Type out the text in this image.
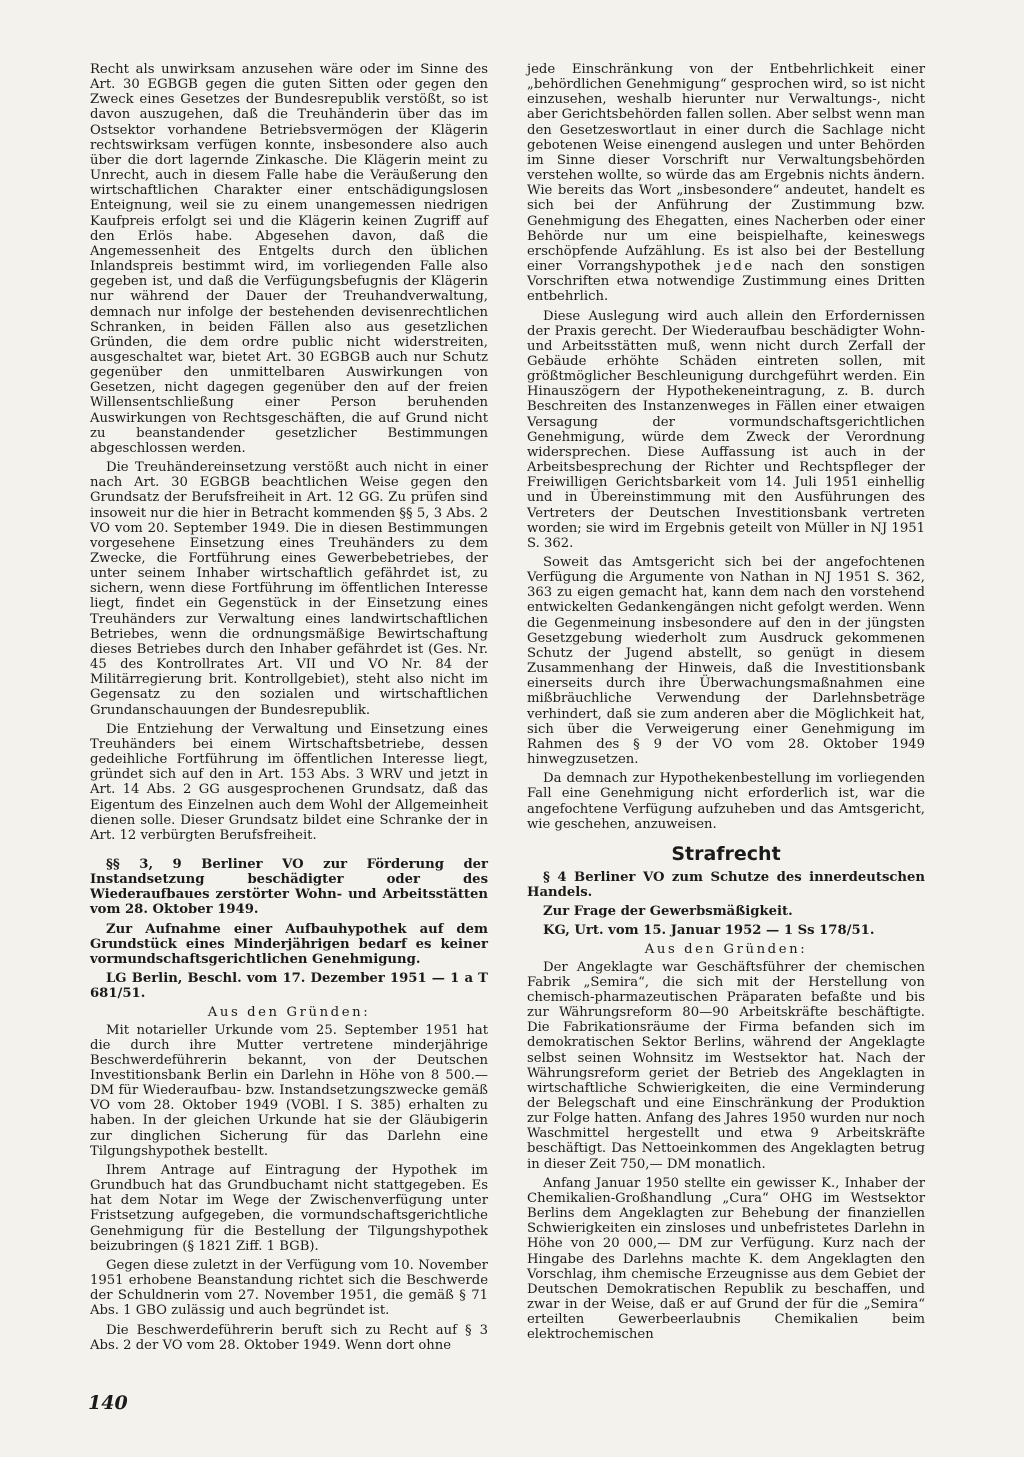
Recht als unwirksam anzusehen wäre oder im Sinne des Art. 30 EGBGB gegen die guten Sitten oder gegen den Zweck eines Gesetzes der Bundesrepublik verstößt, so ist davon auszugehen, daß die Treuhänderin über das im Ostsektor vorhandene Betriebsvermögen der Klägerin rechtswirksam verfügen konnte, insbesondere also auch über die dort lagernde Zinkasche. Die Klägerin meint zu Unrecht, auch in diesem Falle habe die Veräußerung den wirtschaftlichen Charakter einer entschädigungslosen Enteignung, weil sie zu einem unangemessen niedrigen Kaufpreis erfolgt sei und die Klägerin keinen Zugriff auf den Erlös habe. Abgesehen davon, daß die Angemessenheit des Entgelts durch den üblichen Inlandspreis bestimmt wird, im vorliegenden Falle also gegeben ist, und daß die Verfügungsbefugnis der Klägerin nur während der Dauer der Treuhandverwaltung, demnach nur infolge der bestehenden devisenrechtlichen Schranken, in beiden Fällen also aus gesetzlichen Gründen, die dem ordre public nicht widerstreiten, ausgeschaltet war, bietet Art. 30 EGBGB auch nur Schutz gegenüber den unmittelbaren Auswirkungen von Gesetzen, nicht dagegen gegenüber den auf der freien Willensentschließung einer Person beruhenden Auswirkungen von Rechtsgeschäften, die auf Grund nicht zu beanstandender gesetzlicher Bestimmungen abgeschlossen werden.

Die Treuhändereinsetzung verstößt auch nicht in einer nach Art. 30 EGBGB beachtlichen Weise gegen den Grundsatz der Berufsfreiheit in Art. 12 GG. Zu prüfen sind insoweit nur die hier in Betracht kommenden §§ 5, 3 Abs. 2 VO vom 20. September 1949. Die in diesen Bestimmungen vorgesehene Einsetzung eines Treuhänders zu dem Zwecke, die Fortführung eines Gewerbebetriebes, der unter seinem Inhaber wirtschaftlich gefährdet ist, zu sichern, wenn diese Fortführung im öffentlichen Interesse liegt, findet ein Gegenstück in der Einsetzung eines Treuhänders zur Verwaltung eines landwirtschaftlichen Betriebes, wenn die ordnungsmäßige Bewirtschaftung dieses Betriebes durch den Inhaber gefährdet ist (Ges. Nr. 45 des Kontrollrates Art. VII und VO Nr. 84 der Militärregierung brit. Kontrollgebiet), steht also nicht im Gegensatz zu den sozialen und wirtschaftlichen Grundanschauungen der Bundesrepublik.

Die Entziehung der Verwaltung und Einsetzung eines Treuhänders bei einem Wirtschaftsbetriebe, dessen gedeihliche Fortführung im öffentlichen Interesse liegt, gründet sich auf den in Art. 153 Abs. 3 WRV und jetzt in Art. 14 Abs. 2 GG ausgesprochenen Grundsatz, daß das Eigentum des Einzelnen auch dem Wohl der Allgemeinheit dienen solle. Dieser Grundsatz bildet eine Schranke der in Art. 12 verbürgten Berufsfreiheit.

§§ 3, 9 Berliner VO zur Förderung der Instandsetzung beschädigter oder des Wiederaufbaues zerstörter Wohn- und Arbeitsstätten vom 28. Oktober 1949.

Zur Aufnahme einer Aufbauhypothek auf dem Grundstück eines Minderjährigen bedarf es keiner vormundschaftsgerichtlichen Genehmigung.

LG Berlin, Beschl. vom 17. Dezember 1951 — 1 a T 681/51.

Aus den Gründen:

Mit notarieller Urkunde vom 25. September 1951 hat die durch ihre Mutter vertretene minderjährige Beschwerdeführerin bekannt, von der Deutschen Investitionsbank Berlin ein Darlehn in Höhe von 8 500.— DM für Wiederaufbau- bzw. Instandsetzungszwecke gemäß VO vom 28. Oktober 1949 (VOBl. I S. 385) erhalten zu haben. In der gleichen Urkunde hat sie der Gläubigerin zur dinglichen Sicherung für das Darlehn eine Tilgungshypothek bestellt.

Ihrem Antrage auf Eintragung der Hypothek im Grundbuch hat das Grundbuchamt nicht stattgegeben. Es hat dem Notar im Wege der Zwischenverfügung unter Fristsetzung aufgegeben, die vormundschaftsgerichtliche Genehmigung für die Bestellung der Tilgungshypothek beizubringen (§ 1821 Ziff. 1 BGB).

Gegen diese zuletzt in der Verfügung vom 10. November 1951 erhobene Beanstandung richtet sich die Beschwerde der Schuldnerin vom 27. November 1951, die gemäß § 71 Abs. 1 GBO zulässig und auch begründet ist.

Die Beschwerdeführerin beruft sich zu Recht auf § 3 Abs. 2 der VO vom 28. Oktober 1949. Wenn dort ohne

jede Einschränkung von der Entbehrlichkeit einer „behördlichen Genehmigung“ gesprochen wird, so ist nicht einzusehen, weshalb hierunter nur Verwaltungs-, nicht aber Gerichtsbehörden fallen sollen. Aber selbst wenn man den Gesetzeswortlaut in einer durch die Sachlage nicht gebotenen Weise einengend auslegen und unter Behörden im Sinne dieser Vorschrift nur Verwaltungsbehörden verstehen wollte, so würde das am Ergebnis nichts ändern. Wie bereits das Wort „insbesondere“ andeutet, handelt es sich bei der Anführung der Zustimmung bzw. Genehmigung des Ehegatten, eines Nacherben oder einer Behörde nur um eine beispielhafte, keineswegs erschöpfende Aufzählung. Es ist also bei der Bestellung einer Vorrangshypothek jede nach den sonstigen Vorschriften etwa notwendige Zustimmung eines Dritten entbehrlich.

Diese Auslegung wird auch allein den Erfordernissen der Praxis gerecht. Der Wiederaufbau beschädigter Wohn- und Arbeitsstätten muß, wenn nicht durch Zerfall der Gebäude erhöhte Schäden eintreten sollen, mit größtmöglicher Beschleunigung durchgeführt werden. Ein Hinauszögern der Hypothekeneintragung, z. B. durch Beschreiten des Instanzenweges in Fällen einer etwaigen Versagung der vormundschaftsgerichtlichen Genehmigung, würde dem Zweck der Verordnung widersprechen. Diese Auffassung ist auch in der Arbeitsbesprechung der Richter und Rechtspfleger der Freiwilligen Gerichtsbarkeit vom 14. Juli 1951 einhellig und in Übereinstimmung mit den Ausführungen des Vertreters der Deutschen Investitionsbank vertreten worden; sie wird im Ergebnis geteilt von Müller in NJ 1951 S. 362.

Soweit das Amtsgericht sich bei der angefochtenen Verfügung die Argumente von Nathan in NJ 1951 S. 362, 363 zu eigen gemacht hat, kann dem nach den vorstehend entwickelten Gedankengängen nicht gefolgt werden. Wenn die Gegenmeinung insbesondere auf den in der jüngsten Gesetzgebung wiederholt zum Ausdruck gekommenen Schutz der Jugend abstellt, so genügt in diesem Zusammenhang der Hinweis, daß die Investitionsbank einerseits durch ihre Überwachungsmaßnahmen eine mißbräuchliche Verwendung der Darlehnsbeträge verhindert, daß sie zum anderen aber die Möglichkeit hat, sich über die Verweigerung einer Genehmigung im Rahmen des § 9 der VO vom 28. Oktober 1949 hinwegzusetzen.

Da demnach zur Hypothekenbestellung im vorliegenden Fall eine Genehmigung nicht erforderlich ist, war die angefochtene Verfügung aufzuheben und das Amtsgericht, wie geschehen, anzuweisen.

Strafrecht

§ 4 Berliner VO zum Schutze des innerdeutschen Handels.

Zur Frage der Gewerbsmäßigkeit.

KG, Urt. vom 15. Januar 1952 — 1 Ss 178/51.

Aus den Gründen:

Der Angeklagte war Geschäftsführer der chemischen Fabrik „Semira“, die sich mit der Herstellung von chemisch-pharmazeutischen Präparaten befaßte und bis zur Währungsreform 80—90 Arbeitskräfte beschäftigte. Die Fabrikationsräume der Firma befanden sich im demokratischen Sektor Berlins, während der Angeklagte selbst seinen Wohnsitz im Westsektor hat. Nach der Währungsreform geriet der Betrieb des Angeklagten in wirtschaftliche Schwierigkeiten, die eine Verminderung der Belegschaft und eine Einschränkung der Produktion zur Folge hatten. Anfang des Jahres 1950 wurden nur noch Waschmittel hergestellt und etwa 9 Arbeitskräfte beschäftigt. Das Nettoeinkommen des Angeklagten betrug in dieser Zeit 750,— DM monatlich.

Anfang Januar 1950 stellte ein gewisser K., Inhaber der Chemikalien-Großhandlung „Cura“ OHG im Westsektor Berlins dem Angeklagten zur Behebung der finanziellen Schwierigkeiten ein zinsloses und unbefristetes Darlehn in Höhe von 20 000,— DM zur Verfügung. Kurz nach der Hingabe des Darlehns machte K. dem Angeklagten den Vorschlag, ihm chemische Erzeugnisse aus dem Gebiet der Deutschen Demokratischen Republik zu beschaffen, und zwar in der Weise, daß er auf Grund der für die „Semira“ erteilten Gewerbeerlaubnis Chemikalien beim elektrochemischen

140
